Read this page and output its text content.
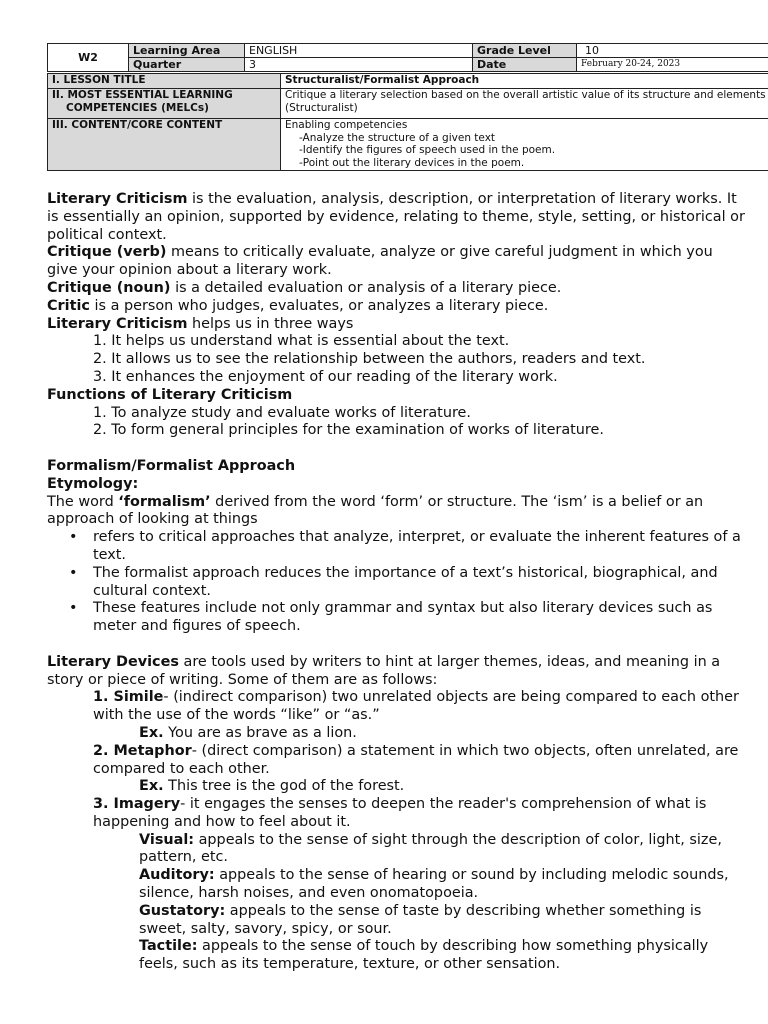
W2	Learning Area	ENGLISH	Grade Level	10
	Quarter	3	Date	February 20-24, 2023
I. LESSON TITLE	Structuralist/Formalist Approach

II. MOST ESSENTIAL LEARNING
COMPETENCIES (MELCs)	Critique a literary selection based on the overall artistic value of its structure and elements (Structuralist)
III. CONTENT/CORE CONTENT	Enabling competencies
-Analyze the structure of a given text
-Identify the figures of speech used in the poem.
-Point out the literary devices in the poem.

Literary Criticism is the evaluation, analysis, description, or interpretation of literary works. It is essentially an opinion, supported by evidence, relating to theme, style, setting, or historical or political context.

Critique (verb) means to critically evaluate, analyze or give careful judgment in which you give your opinion about a literary work.

Critique (noun) is a detailed evaluation or analysis of a literary piece.

Critic is a person who judges, evaluates, or analyzes a literary piece.

Literary Criticism helps us in three ways

1. It helps us understand what is essential about the text.

2. It allows us to see the relationship between the authors, readers and text.

3. It enhances the enjoyment of our reading of the literary work.

Functions of Literary Criticism

1. To analyze study and evaluate works of literature.

2. To form general principles for the examination of works of literature.

Formalism/Formalist Approach

Etymology:

The word ‘formalism’ derived from the word ‘form’ or structure. The ‘ism’ is a belief or an approach of looking at things

• refers to critical approaches that analyze, interpret, or evaluate the inherent features of a text.
• The formalist approach reduces the importance of a text’s historical, biographical, and cultural context.
• These features include not only grammar and syntax but also literary devices such as meter and figures of speech.

Literary Devices are tools used by writers to hint at larger themes, ideas, and meaning in a story or piece of writing. Some of them are as follows:

1. Simile- (indirect comparison) two unrelated objects are being compared to each other with the use of the words “like” or “as.”

Ex. You are as brave as a lion.

2. Metaphor- (direct comparison) a statement in which two objects, often unrelated, are compared to each other.

Ex. This tree is the god of the forest.

3. Imagery- it engages the senses to deepen the reader's comprehension of what is happening and how to feel about it.

Visual: appeals to the sense of sight through the description of color, light, size, pattern, etc.

Auditory: appeals to the sense of hearing or sound by including melodic sounds, silence, harsh noises, and even onomatopoeia.

Gustatory: appeals to the sense of taste by describing whether something is sweet, salty, savory, spicy, or sour.

Tactile: appeals to the sense of touch by describing how something physically feels, such as its temperature, texture, or other sensation.
